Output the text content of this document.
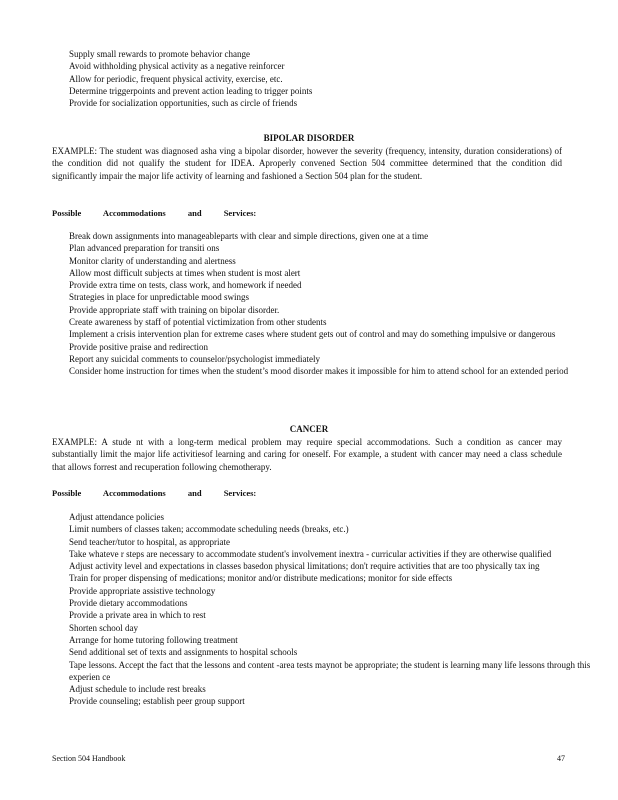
Supply small rewards to promote behavior change
Avoid withholding physical activity as a negative reinforcer
Allow for periodic, frequent physical activity, exercise, etc.
Determine triggerpoints and prevent action leading to trigger points
Provide for socialization opportunities, such as circle of friends
BIPOLAR DISORDER
EXAMPLE: The student was diagnosed asha ving a bipolar disorder, however the severity (frequency, intensity, duration considerations) of the condition did not qualify the student for IDEA. Aproperly convened Section 504 committee determined that the condition did significantly impair the major life activity of learning and fashioned a Section 504 plan for the student.
Possible Accommodations and Services:
Break down assignments into manageableparts with clear and simple directions, given one at a time
Plan advanced preparation for transiti ons
Monitor clarity of understanding and alertness
Allow most difficult subjects at times when student is most alert
Provide extra time on tests, class work, and homework if needed
Strategies in place for unpredictable mood swings
Provide appropriate staff with training on bipolar disorder.
Create awareness by staff of potential victimization from other students
Implement a crisis intervention plan for extreme cases where student gets out of control and may do something impulsive or dangerous
Provide positive praise and redirection
Report any suicidal comments to counselor/psychologist immediately
Consider home instruction for times when the student’s mood disorder makes it impossible for him to attend school for an extended period
CANCER
EXAMPLE: A stude nt with a long-term medical problem may require special accommodations. Such a condition as cancer may substantially limit the major life activitiesof learning and caring for oneself. For example, a student with cancer may need a class schedule that allows forrest and recuperation following chemotherapy.
Possible Accommodations and Services:
Adjust attendance policies
Limit numbers of classes taken; accommodate scheduling needs (breaks, etc.)
Send teacher/tutor to hospital, as appropriate
Take whateve r steps are necessary to accommodate student's involvement inextra - curricular activities if they are otherwise qualified
Adjust activity level and expectations in classes basedon physical limitations; don't require activities that are too physically tax ing
Train for proper dispensing of medications; monitor and/or distribute medications; monitor for side effects
Provide appropriate assistive technology
Provide dietary accommodations
Provide a private area in which to rest
Shorten school day
Arrange for home tutoring following treatment
Send additional set of texts and assignments to hospital schools
Tape lessons. Accept the fact that the lessons and content -area tests maynot be appropriate; the student is learning many life lessons through this experien ce
Adjust schedule to include rest breaks
Provide counseling; establish peer group support
Section 504 Handbook	47
